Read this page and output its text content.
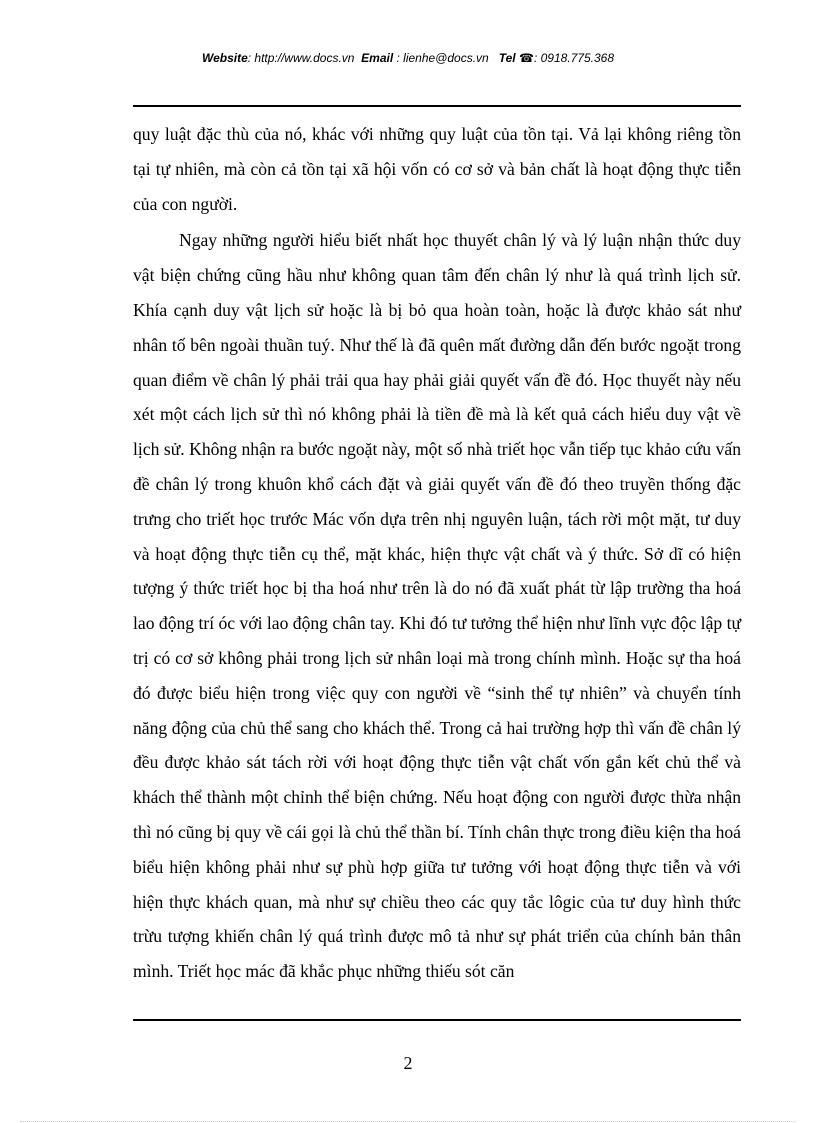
Website: http://www.docs.vn Email : lienhe@docs.vn Tel ☎: 0918.775.368

quy luật đặc thù của nó, khác với những quy luật của tồn tại. Vả lại không riêng tồn tại tự nhiên, mà còn cả tồn tại xã hội vốn có cơ sở và bản chất là hoạt động thực tiễn của con người.

Ngay những người hiểu biết nhất học thuyết chân lý và lý luận nhận thức duy vật biện chứng cũng hầu như không quan tâm đến chân lý như là quá trình lịch sử. Khía cạnh duy vật lịch sử hoặc là bị bỏ qua hoàn toàn, hoặc là được khảo sát như nhân tố bên ngoài thuần tuý. Như thế là đã quên mất đường dẫn đến bước ngoặt trong quan điểm về chân lý phải trải qua hay phải giải quyết vấn đề đó. Học thuyết này nếu xét một cách lịch sử thì nó không phải là tiền đề mà là kết quả cách hiểu duy vật về lịch sử. Không nhận ra bước ngoặt này, một số nhà triết học vẫn tiếp tục khảo cứu vấn đề chân lý trong khuôn khổ cách đặt và giải quyết vấn đề đó theo truyền thống đặc trưng cho triết học trước Mác vốn dựa trên nhị nguyên luận, tách rời một mặt, tư duy và hoạt động thực tiễn cụ thể, mặt khác, hiện thực vật chất và ý thức. Sở dĩ có hiện tượng ý thức triết học bị tha hoá như trên là do nó đã xuất phát từ lập trường tha hoá lao động trí óc với lao động chân tay. Khi đó tư tưởng thể hiện như lĩnh vực độc lập tự trị có cơ sở không phải trong lịch sử nhân loại mà trong chính mình. Hoặc sự tha hoá đó được biểu hiện trong việc quy con người về “sinh thể tự nhiên” và chuyển tính năng động của chủ thể sang cho khách thể. Trong cả hai trường hợp thì vấn đề chân lý đều được khảo sát tách rời với hoạt động thực tiễn vật chất vốn gắn kết chủ thể và khách thể thành một chỉnh thể biện chứng. Nếu hoạt động con người được thừa nhận thì nó cũng bị quy về cái gọi là chủ thể thần bí. Tính chân thực trong điều kiện tha hoá biểu hiện không phải như sự phù hợp giữa tư tưởng với hoạt động thực tiễn và với hiện thực khách quan, mà như sự chiều theo các quy tắc lôgic của tư duy hình thức trừu tượng khiến chân lý quá trình được mô tả như sự phát triển của chính bản thân mình. Triết học mác đã khắc phục những thiếu sót căn

2
